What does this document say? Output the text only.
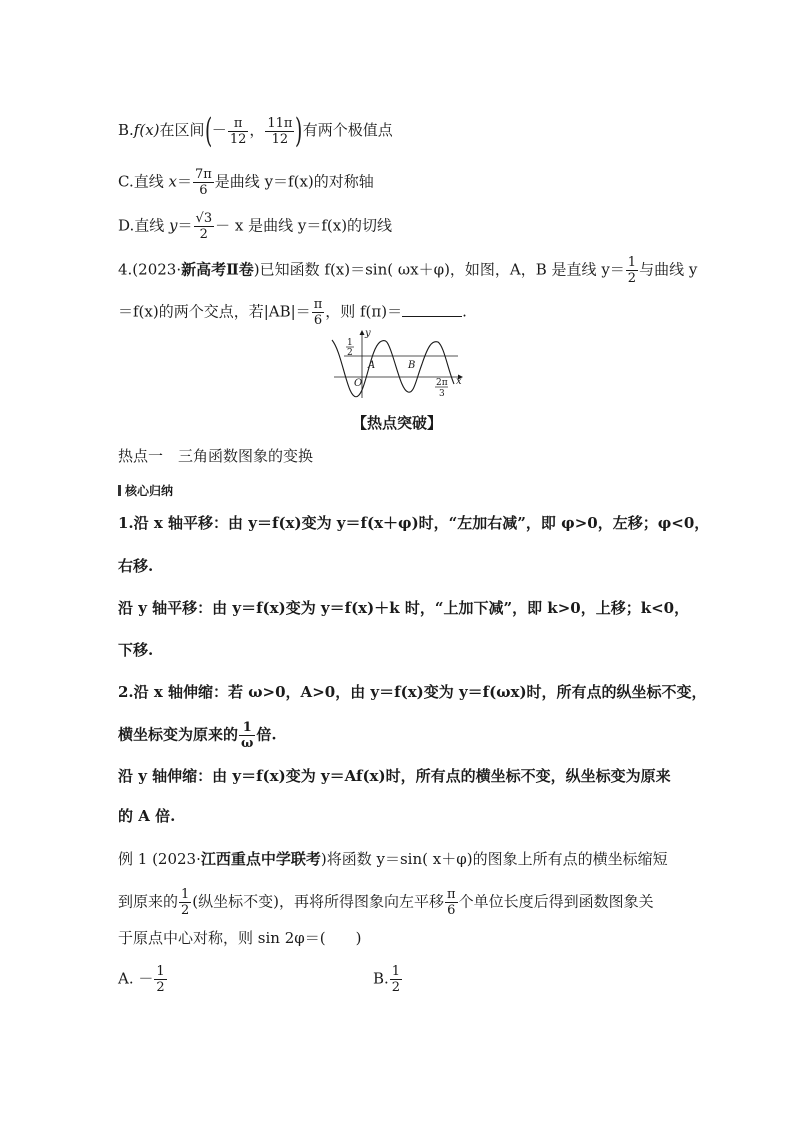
B.f(x)在区间(－ $\frac{\pi}{12}$ ， $\frac{11\pi}{12}$ )有两个极值点
C.直线 $x= \frac{7\pi}{6}$ 是曲线 y＝f(x)的对称轴
D.直线 $y= \frac{√3}{2} - x$ 是曲线 y＝f(x)的切线
4.(2023·新高考Ⅱ卷)已知函数 f(x)＝sin( ωx＋φ)，如图，A，B 是直线 $y= \frac{1}{2}$ 与曲线 y
＝f(x)的两个交点，若$|AB|= \frac{\pi}{6}$ ，则 f(π)＝	.
y
x
O
1
2
A	B
2π
3
【热点突破】
热点一　三角函数图象的变换
核心归纳
1.沿 x 轴平移：由 y＝f(x)变为 y＝f(x＋φ)时，“左加右减”，即 φ>0，左移；φ<0，
右移.
沿 y 轴平移：由 y＝f(x)变为 y＝f(x)＋k 时，“上加下减”，即 k>0，上移；k<0，
下移.
2.沿 x 轴伸缩：若 ω>0，A>0，由 y＝f(x)变为 y＝f(ωx)时，所有点的纵坐标不变，
横坐标变为原来的 $\frac{1}{\omega}$ 倍.
沿 y 轴伸缩：由 y＝f(x)变为 y＝Af(x)时，所有点的横坐标不变，纵坐标变为原来
的 A 倍.
例 1 (2023·江西重点中学联考)将函数 y＝sin( x＋φ)的图象上所有点的横坐标缩短
到原来的 $\frac{1}{2}$ (纵坐标不变)，再将所得图象向左平移 $\frac{\pi}{6}$ 个单位长度后得到函数图象关
于原点中心对称，则 sin 2φ＝(　　)
A. － $\frac{1}{2}$	B. $\frac{1}{2}$
